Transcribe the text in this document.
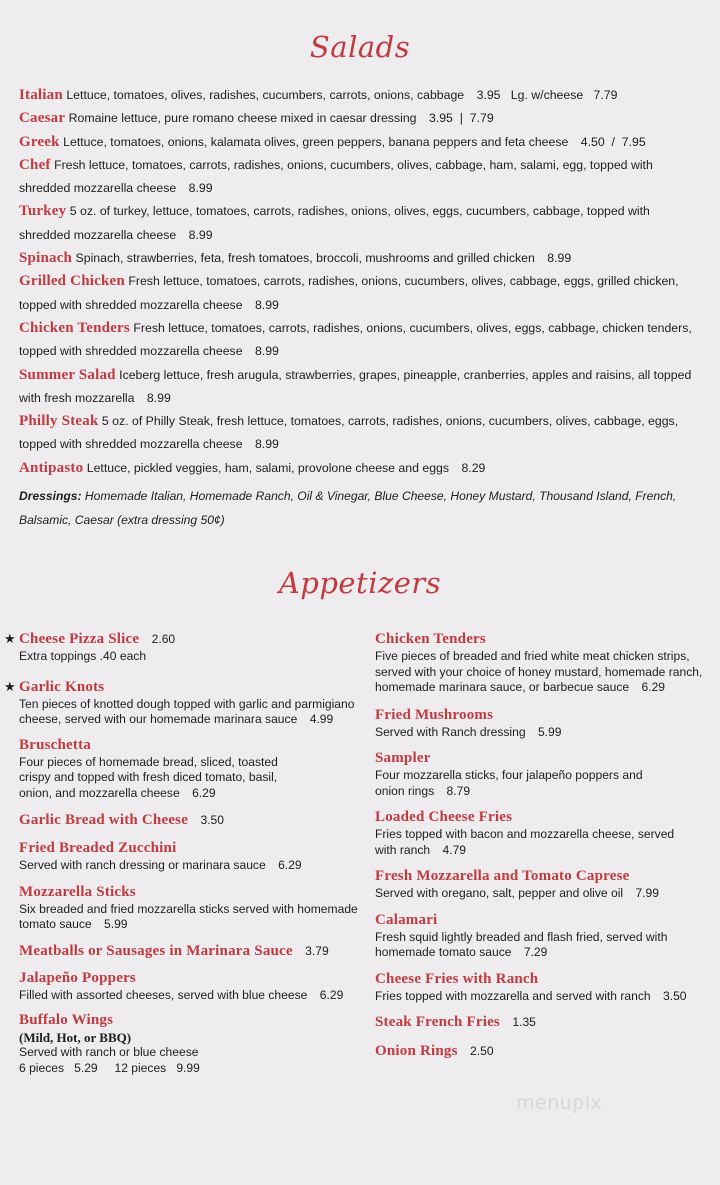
Salads
Italian Lettuce, tomatoes, olives, radishes, cucumbers, carrots, onions, cabbage 3.95   Lg. w/cheese   7.79
Caesar Romaine lettuce, pure romano cheese mixed in caesar dressing 3.95  |  7.79
Greek Lettuce, tomatoes, onions, kalamata olives, green peppers, banana peppers and feta cheese 4.50  /  7.95
Chef Fresh lettuce, tomatoes, carrots, radishes, onions, cucumbers, olives, cabbage, ham, salami, egg, topped with shredded mozzarella cheese 8.99
Turkey 5 oz. of turkey, lettuce, tomatoes, carrots, radishes, onions, olives, eggs, cucumbers, cabbage, topped with shredded mozzarella cheese 8.99
Spinach Spinach, strawberries, feta, fresh tomatoes, broccoli, mushrooms and grilled chicken 8.99
Grilled Chicken Fresh lettuce, tomatoes, carrots, radishes, onions, cucumbers, olives, cabbage, eggs, grilled chicken, topped with shredded mozzarella cheese 8.99
Chicken Tenders Fresh lettuce, tomatoes, carrots, radishes, onions, cucumbers, olives, eggs, cabbage, chicken tenders, topped with shredded mozzarella cheese 8.99
Summer Salad Iceberg lettuce, fresh arugula, strawberries, grapes, pineapple, cranberries, apples and raisins, all topped with fresh mozzarella 8.99
Philly Steak 5 oz. of Philly Steak, fresh lettuce, tomatoes, carrots, radishes, onions, cucumbers, olives, cabbage, eggs, topped with shredded mozzarella cheese 8.99
Antipasto Lettuce, pickled veggies, ham, salami, provolone cheese and eggs 8.29
Dressings: Homemade Italian, Homemade Ranch, Oil & Vinegar, Blue Cheese, Honey Mustard, Thousand Island, French, Balsamic, Caesar (extra dressing 50¢)
Appetizers
★ Cheese Pizza Slice 2.60
Extra toppings .40 each
★ Garlic Knots
Ten pieces of knotted dough topped with garlic and parmigiano cheese, served with our homemade marinara sauce 4.99
Bruschetta
Four pieces of homemade bread, sliced, toasted crispy and topped with fresh diced tomato, basil, onion, and mozzarella cheese 6.29
Garlic Bread with Cheese 3.50
Fried Breaded Zucchini
Served with ranch dressing or marinara sauce 6.29
Mozzarella Sticks
Six breaded and fried mozzarella sticks served with homemade tomato sauce 5.99
Meatballs or Sausages in Marinara Sauce 3.79
Jalapeño Poppers
Filled with assorted cheeses, served with blue cheese 6.29
Buffalo Wings
(Mild, Hot, or BBQ)
Served with ranch or blue cheese
6 pieces   5.29     12 pieces   9.99
Chicken Tenders
Five pieces of breaded and fried white meat chicken strips, served with your choice of honey mustard, homemade ranch, homemade marinara sauce, or barbecue sauce 6.29
Fried Mushrooms
Served with Ranch dressing 5.99
Sampler
Four mozzarella sticks, four jalapeño poppers and onion rings 8.79
Loaded Cheese Fries
Fries topped with bacon and mozzarella cheese, served with ranch 4.79
Fresh Mozzarella and Tomato Caprese
Served with oregano, salt, pepper and olive oil 7.99
Calamari
Fresh squid lightly breaded and flash fried, served with homemade tomato sauce 7.29
Cheese Fries with Ranch
Fries topped with mozzarella and served with ranch 3.50
Steak French Fries 1.35
Onion Rings 2.50
menupix
